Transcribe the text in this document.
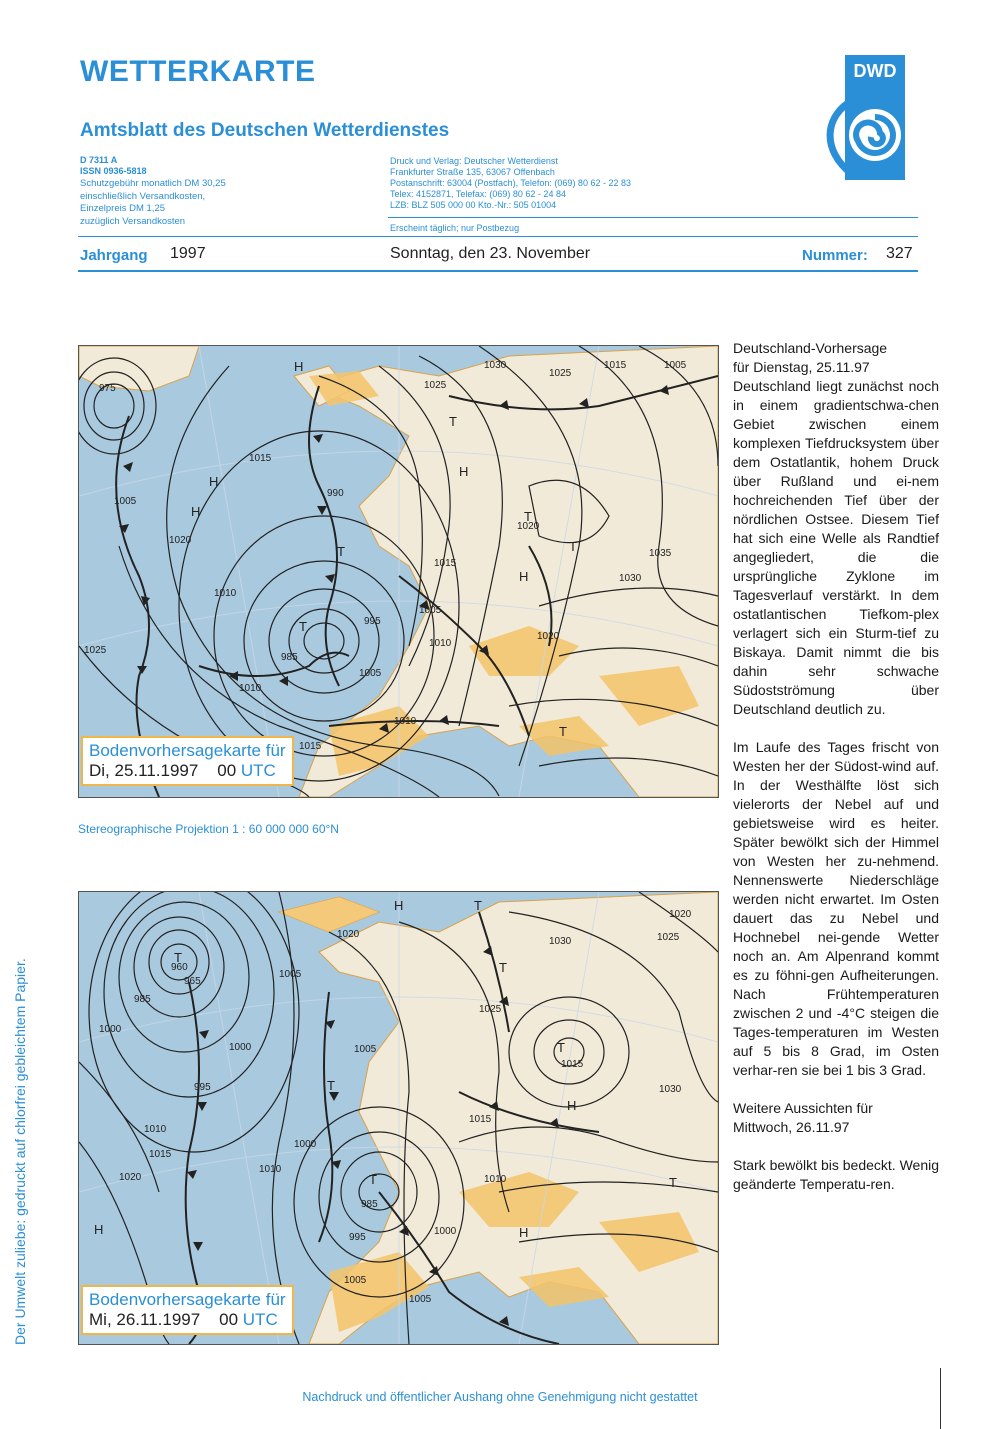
WETTERKARTE
Amtsblatt des Deutschen Wetterdienstes
D 7311 A
ISSN 0936-5818
Schutzgebühr monatlich DM 30,25
einschließlich Versandkosten,
Einzelpreis DM 1,25
zuzüglich Versandkosten
Druck und Verlag: Deutscher Wetterdienst
Frankfurter Straße 135, 63067 Offenbach
Postanschrift: 63004 (Postfach), Telefon: (069) 80 62 - 22 83
Telex: 4152871, Telefax: (069) 80 62 - 24 84
LZB: BLZ 505 000 00 Kto.-Nr.: 505 01004
Erscheint täglich; nur Postbezug
DWD
Jahrgang 1997	Sonntag, den 23. November	Nummer: 327
975
1015
1005
1020
1010
1025
990
995
985
1030
1035
1005
1010
1020
1025
1015
1010
1010
1005
1015
1020
1030
1025
1015	1005
H
H
H
T
T
H
T
T
H
T
T
Bodenvorhersagekarte für
Di, 25.11.1997 00 UTC
Stereographische Projektion 1 : 60 000 000 60°N
960
965
985
1000
1005
1020
1010
1015
1020
995
1000
1030
1025
1005
1010
1015
1000
985
995
1000
1005
1005
1015
1020
1025
1030
1010
T
H	T
T
H
H
T
T
T
H
T
Bodenvorhersagekarte für
Mi, 26.11.1997 00 UTC

Deutschland-Vorhersage

für Dienstag, 25.11.97

Deutschland liegt zunächst noch in einem gradientschwa-chen Gebiet zwischen einem komplexen Tiefdrucksystem über dem Ostatlantik, hohem Druck über Rußland und ei-nem hochreichenden Tief über der nördlichen Ostsee. Diesem Tief hat sich eine Welle als Randtief angegliedert, die die ursprüngliche Zyklone im Tagesverlauf verstärkt. In dem ostatlantischen Tiefkom-plex verlagert sich ein Sturm-tief zu Biskaya. Damit nimmt die bis dahin sehr schwache Südostströmung über Deutschland deutlich zu.

Im Laufe des Tages frischt von Westen her der Südost-wind auf. In der Westhälfte löst sich vielerorts der Nebel auf und gebietsweise wird es heiter. Später bewölkt sich der Himmel von Westen her zu-nehmend. Nennenswerte Niederschläge werden nicht erwartet. Im Osten dauert das zu Nebel und Hochnebel nei-gende Wetter noch an. Am Alpenrand kommt es zu föhni-gen Aufheiterungen. Nach Frühtemperaturen zwischen 2 und -4°C steigen die Tages-temperaturen im Westen auf 5 bis 8 Grad, im Osten verhar-ren sie bei 1 bis 3 Grad.

Weitere Aussichten für

Mittwoch, 26.11.97

Stark bewölkt bis bedeckt. Wenig geänderte Temperatu-ren.

Der Umwelt zuliebe: gedruckt auf chlorfrei gebleichtem Papier.
Nachdruck und öffentlicher Aushang ohne Genehmigung nicht gestattet
